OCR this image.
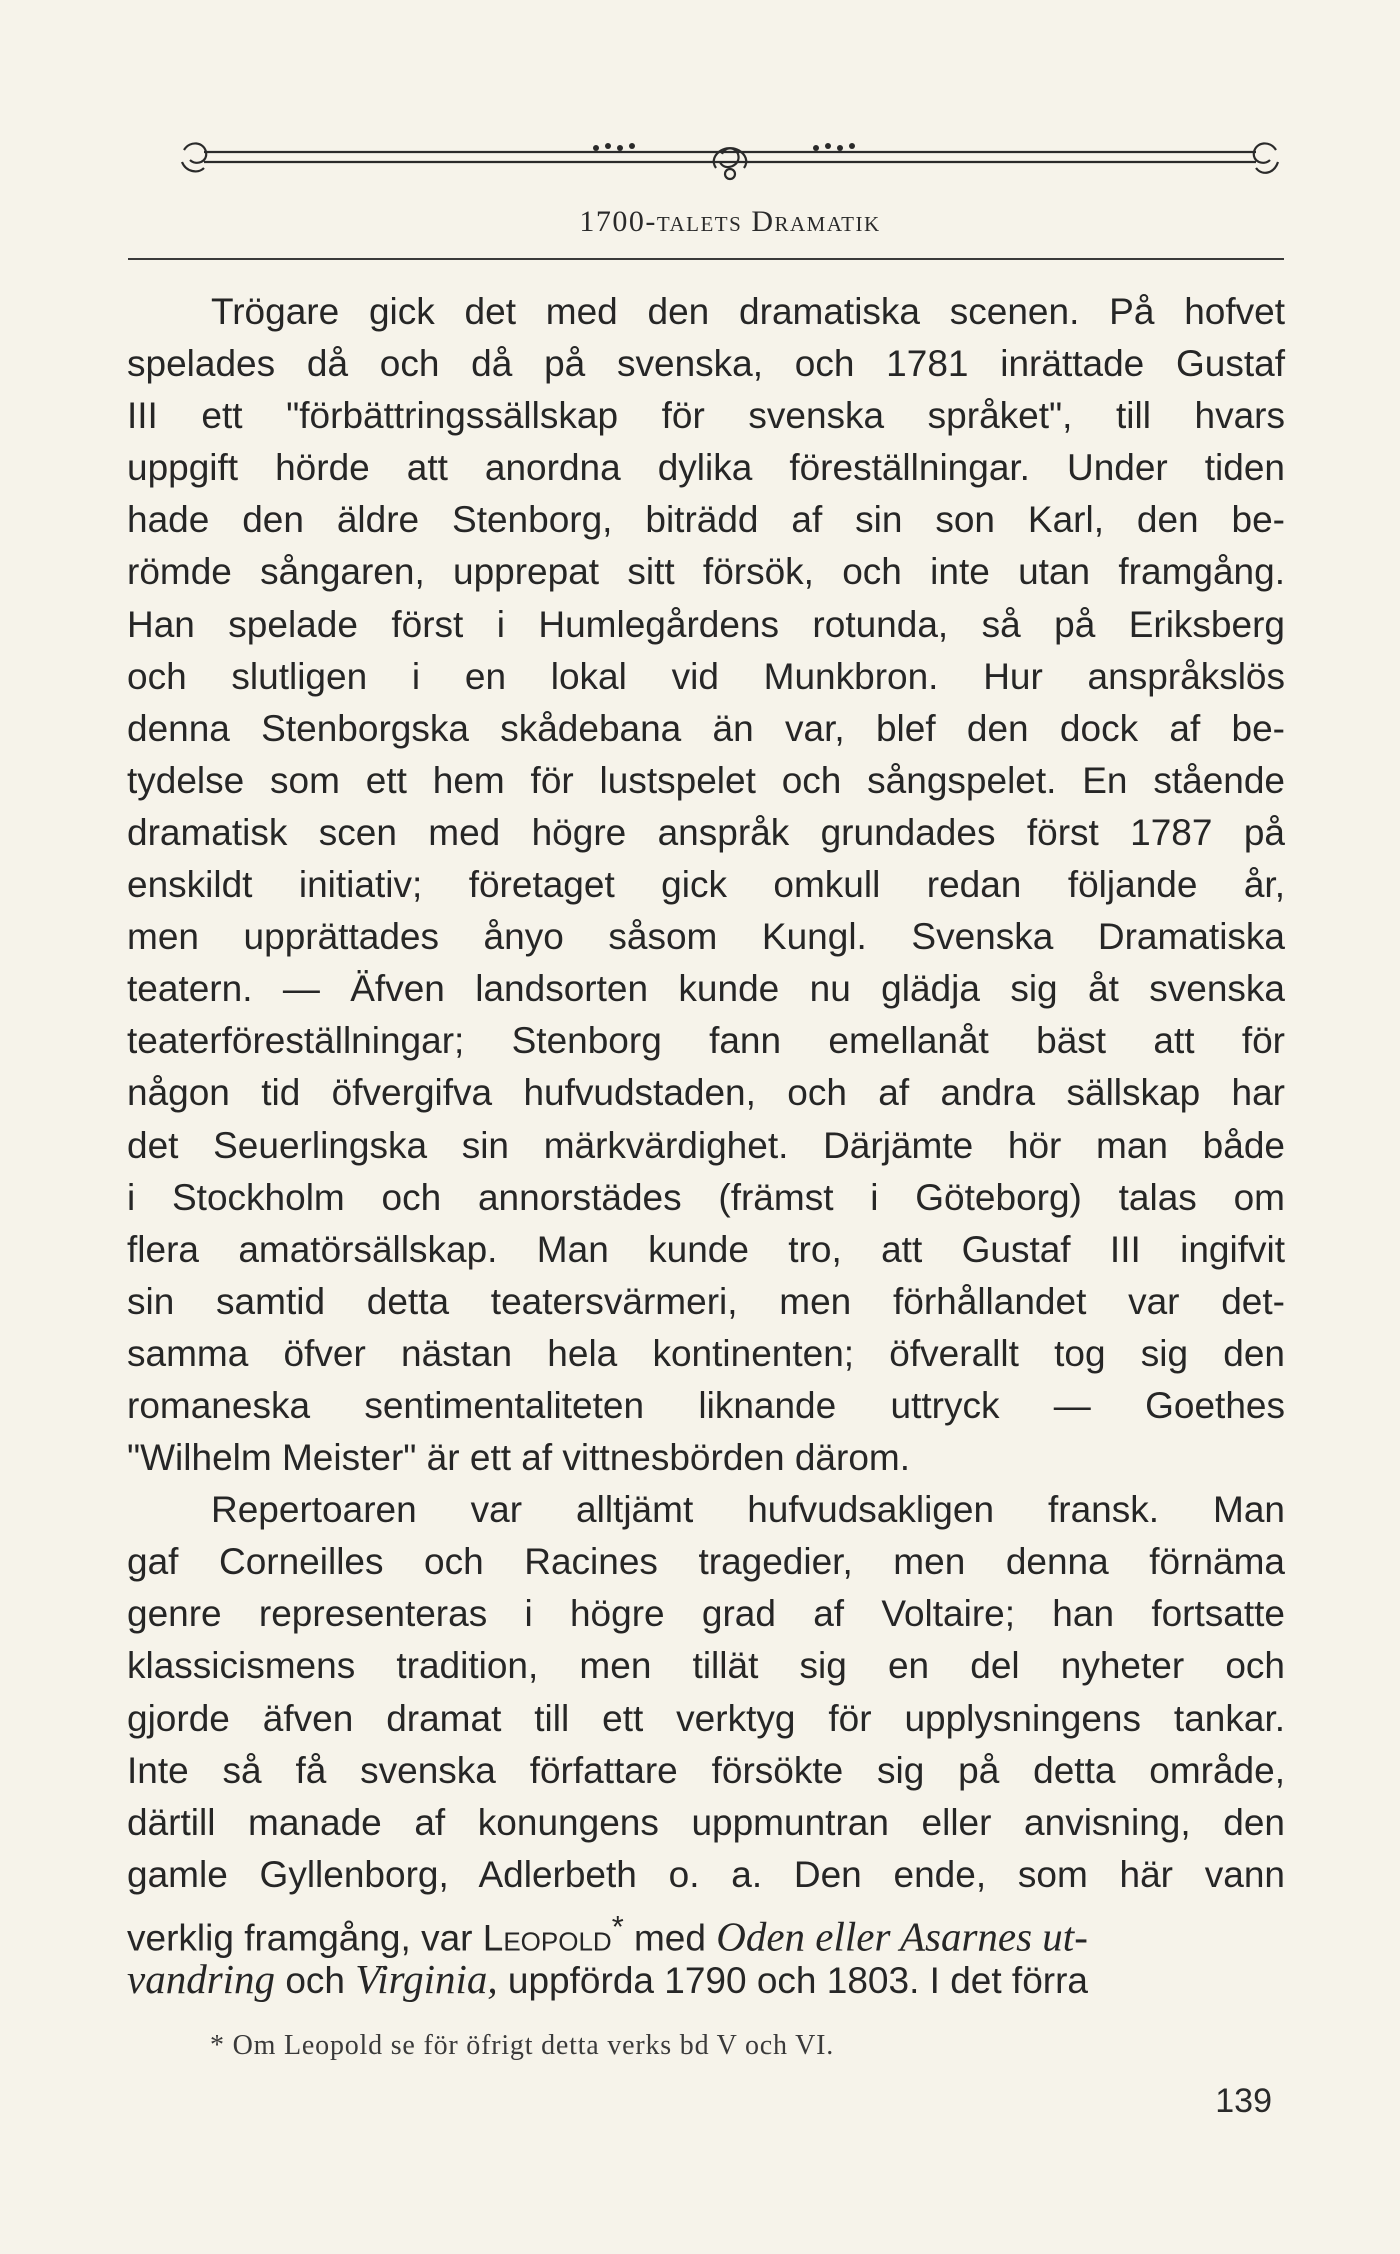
1700-talets Dramatik
Trögare gick det med den dramatiska scenen. På hofvet
spelades då och då på svenska, och 1781 inrättade Gustaf
III ett "förbättringssällskap för svenska språket", till hvars
uppgift hörde att anordna dylika föreställningar. Under tiden
hade den äldre Stenborg, biträdd af sin son Karl, den be-
römde sångaren, upprepat sitt försök, och inte utan framgång.
Han spelade först i Humlegårdens rotunda, så på Eriksberg
och slutligen i en lokal vid Munkbron. Hur anspråkslös
denna Stenborgska skådebana än var, blef den dock af be-
tydelse som ett hem för lustspelet och sångspelet. En stående
dramatisk scen med högre anspråk grundades först 1787 på
enskildt initiativ; företaget gick omkull redan följande år,
men upprättades ånyo såsom Kungl. Svenska Dramatiska
teatern. — Äfven landsorten kunde nu glädja sig åt svenska
teaterföreställningar; Stenborg fann emellanåt bäst att för
någon tid öfvergifva hufvudstaden, och af andra sällskap har
det Seuerlingska sin märkvärdighet. Därjämte hör man både
i Stockholm och annorstädes (främst i Göteborg) talas om
flera amatörsällskap. Man kunde tro, att Gustaf III ingifvit
sin samtid detta teatersvärmeri, men förhållandet var det-
samma öfver nästan hela kontinenten; öfverallt tog sig den
romaneska sentimentaliteten liknande uttryck — Goethes
"Wilhelm Meister" är ett af vittnesbörden därom.
Repertoaren var alltjämt hufvudsakligen fransk. Man
gaf Corneilles och Racines tragedier, men denna förnäma
genre representeras i högre grad af Voltaire; han fortsatte
klassicismens tradition, men tillät sig en del nyheter och
gjorde äfven dramat till ett verktyg för upplysningens tankar.
Inte så få svenska författare försökte sig på detta område,
därtill manade af konungens uppmuntran eller anvisning, den
gamle Gyllenborg, Adlerbeth o. a. Den ende, som här vann
verklig framgång, var Leopold* med Oden eller Asarnes ut-
vandring och Virginia, uppförda 1790 och 1803. I det förra
* Om Leopold se för öfrigt detta verks bd V och VI.
139
